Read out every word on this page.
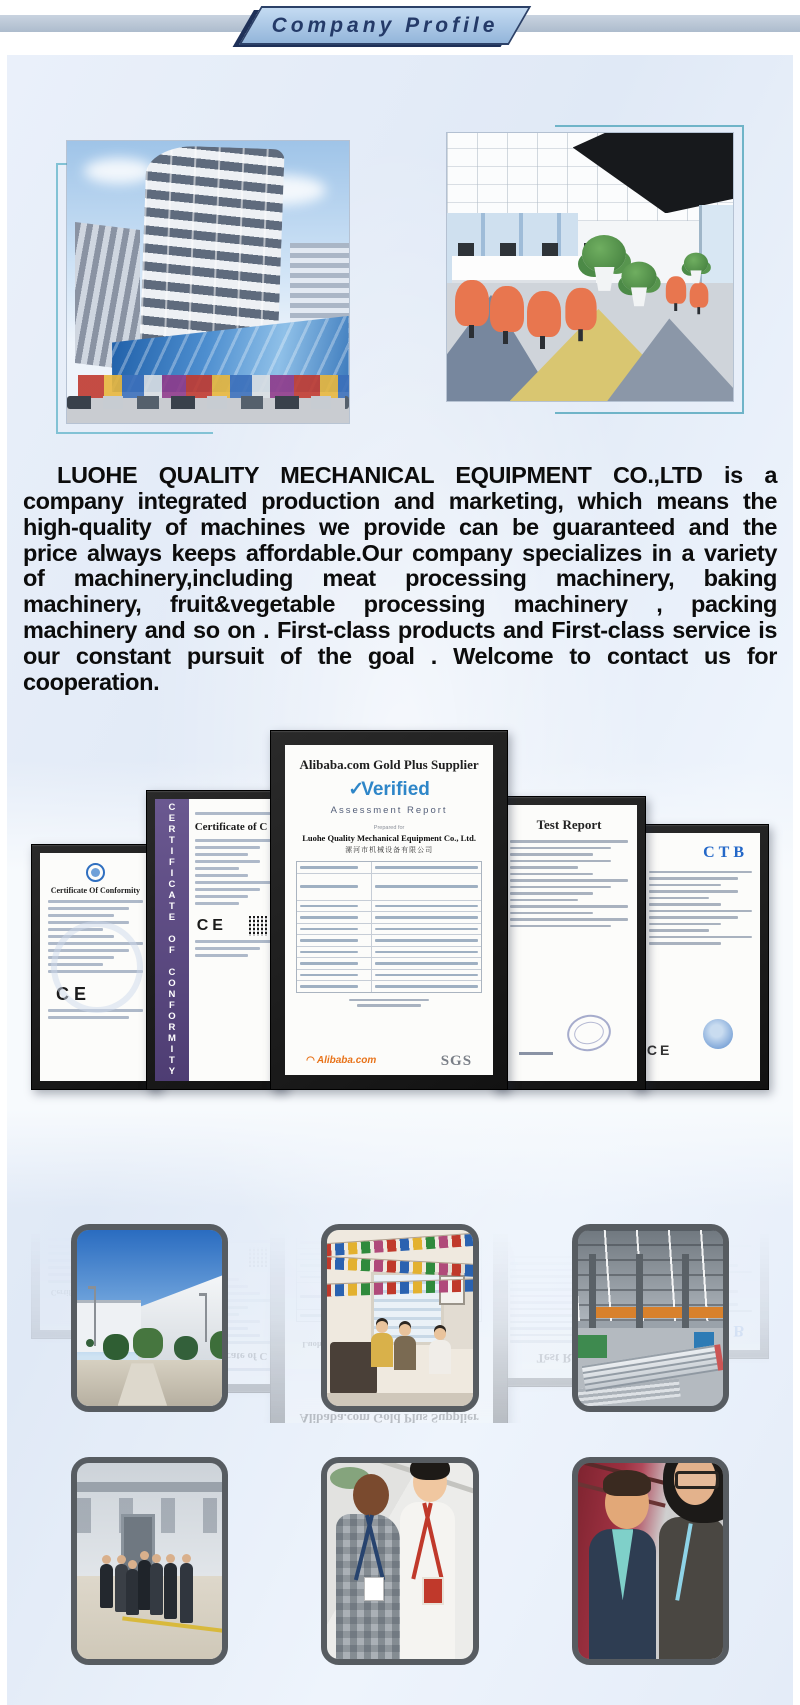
Company Profile

LUOHE QUALITY MECHANICAL EQUIPMENT CO.,LTD is a company integrated production and marketing, which means the high-quality of machines we provide can be guaranteed and the price always keeps affordable.Our company specializes in a variety of machinery,including meat processing machinery, baking machinery, fruit&vegetable processing machinery , packing machinery and so on . First-class products and First-class service is our constant pursuit of the goal . Welcome to contact us for cooperation.

Certificate Of Conformity
CE	CERTIFICATE OF CONFORMITY	Certificate of C
CE
Alibaba.com Gold Plus Supplier
✓Verified
Assessment Report
Prepared for
Luohe Quality Mechanical Equipment Co., Ltd.
漯河市机械设备有限公司
◠ Alibaba.com	SGS
Test Report
CTB
CE
